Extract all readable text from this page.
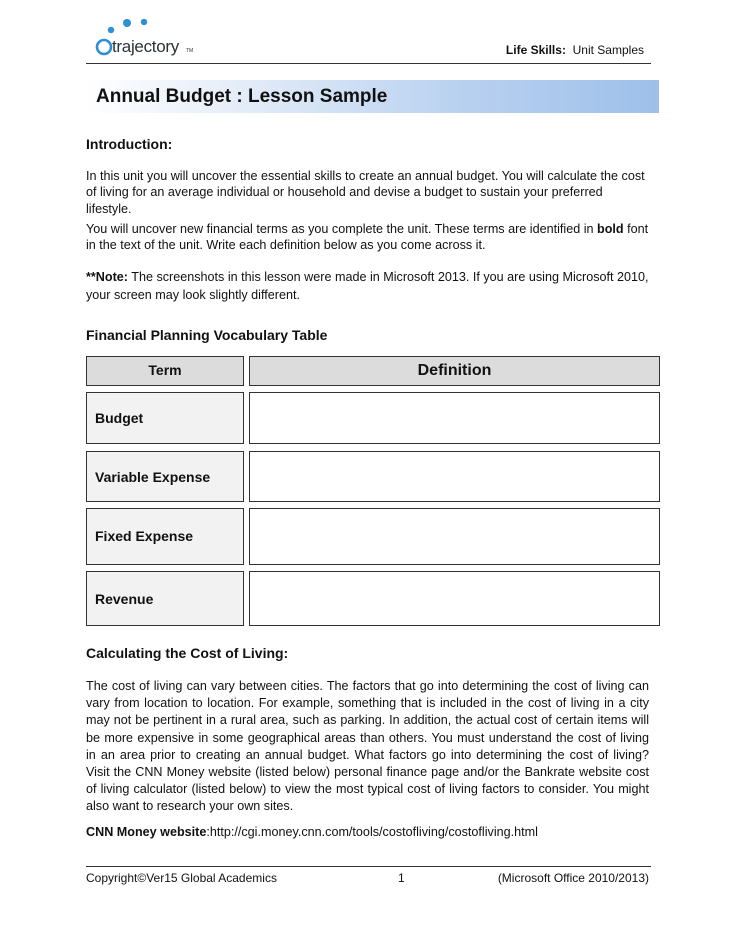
trajectory TM	Life Skills: Unit Samples
Annual Budget : Lesson Sample
Introduction:
In this unit you will uncover the essential skills to create an annual budget. You will calculate the cost of living for an average individual or household and devise a budget to sustain your preferred lifestyle.
You will uncover new financial terms as you complete the unit. These terms are identified in bold font in the text of the unit. Write each definition below as you come across it.
**Note: The screenshots in this lesson were made in Microsoft 2013. If you are using Microsoft 2010, your screen may look slightly different.
Financial Planning Vocabulary Table
Term	Definition
Budget
Variable Expense
Fixed Expense
Revenue
Calculating the Cost of Living:
The cost of living can vary between cities. The factors that go into determining the cost of living can vary from location to location. For example, something that is included in the cost of living in a city may not be pertinent in a rural area, such as parking. In addition, the actual cost of certain items will be more expensive in some geographical areas than others. You must understand the cost of living in an area prior to creating an annual budget. What factors go into determining the cost of living? Visit the CNN Money website (listed below) personal finance page and/or the Bankrate website cost of living calculator (listed below) to view the most typical cost of living factors to consider. You might also want to research your own sites.
CNN Money website:http://cgi.money.cnn.com/tools/costofliving/costofliving.html
Copyright©Ver15 Global Academics	1	(Microsoft Office 2010/2013)
